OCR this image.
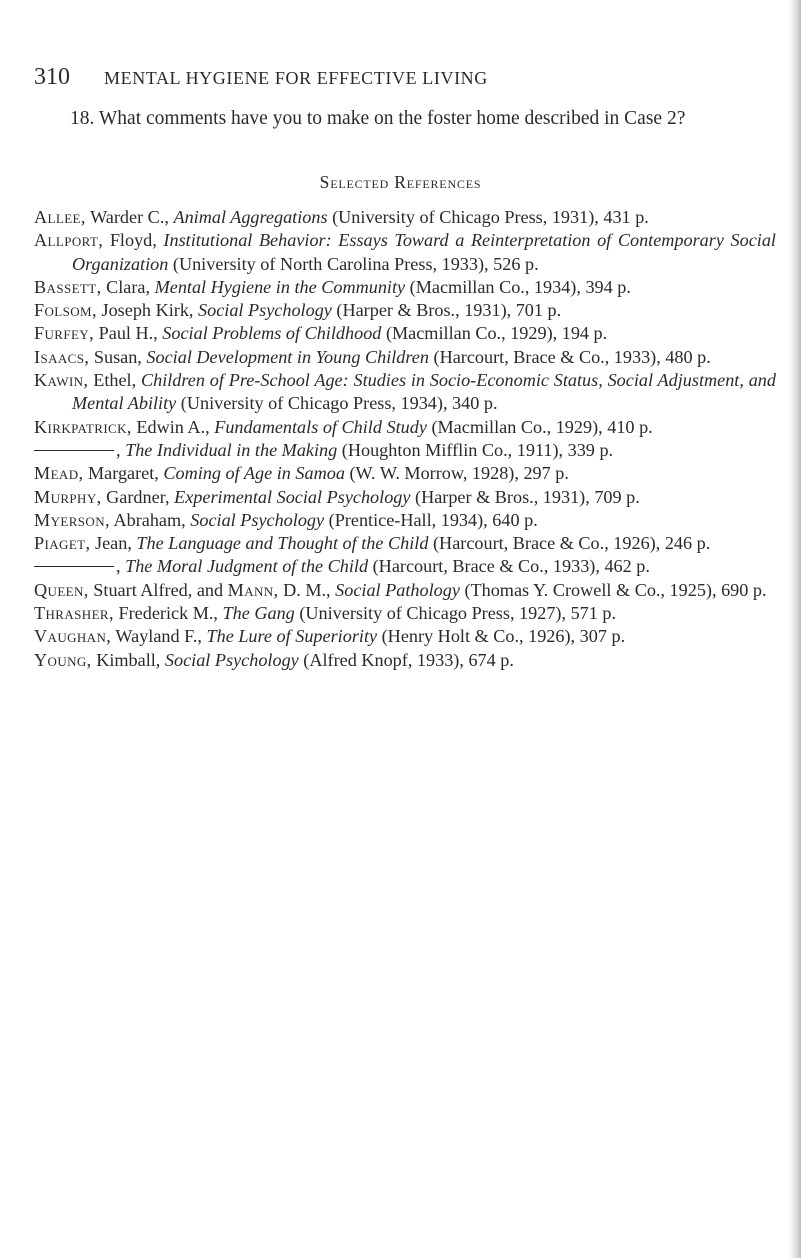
310	MENTAL HYGIENE FOR EFFECTIVE LIVING

18. What comments have you to make on the foster home described in Case 2?

Selected References
Allee, Warder C., Animal Aggregations (University of Chicago Press, 1931), 431 p.
Allport, Floyd, Institutional Behavior: Essays Toward a Reinterpretation of Contemporary Social Organization (University of North Carolina Press, 1933), 526 p.
Bassett, Clara, Mental Hygiene in the Community (Macmillan Co., 1934), 394 p.
Folsom, Joseph Kirk, Social Psychology (Harper & Bros., 1931), 701 p.
Furfey, Paul H., Social Problems of Childhood (Macmillan Co., 1929), 194 p.
Isaacs, Susan, Social Development in Young Children (Harcourt, Brace & Co., 1933), 480 p.
Kawin, Ethel, Children of Pre-School Age: Studies in Socio-Economic Status, Social Adjustment, and Mental Ability (University of Chicago Press, 1934), 340 p.
Kirkpatrick, Edwin A., Fundamentals of Child Study (Macmillan Co., 1929), 410 p.
, The Individual in the Making (Houghton Mifflin Co., 1911), 339 p.
Mead, Margaret, Coming of Age in Samoa (W. W. Morrow, 1928), 297 p.
Murphy, Gardner, Experimental Social Psychology (Harper & Bros., 1931), 709 p.
Myerson, Abraham, Social Psychology (Prentice-Hall, 1934), 640 p.
Piaget, Jean, The Language and Thought of the Child (Harcourt, Brace & Co., 1926), 246 p.
, The Moral Judgment of the Child (Harcourt, Brace & Co., 1933), 462 p.
Queen, Stuart Alfred, and Mann, D. M., Social Pathology (Thomas Y. Crowell & Co., 1925), 690 p.
Thrasher, Frederick M., The Gang (University of Chicago Press, 1927), 571 p.
Vaughan, Wayland F., The Lure of Superiority (Henry Holt & Co., 1926), 307 p.
Young, Kimball, Social Psychology (Alfred Knopf, 1933), 674 p.
